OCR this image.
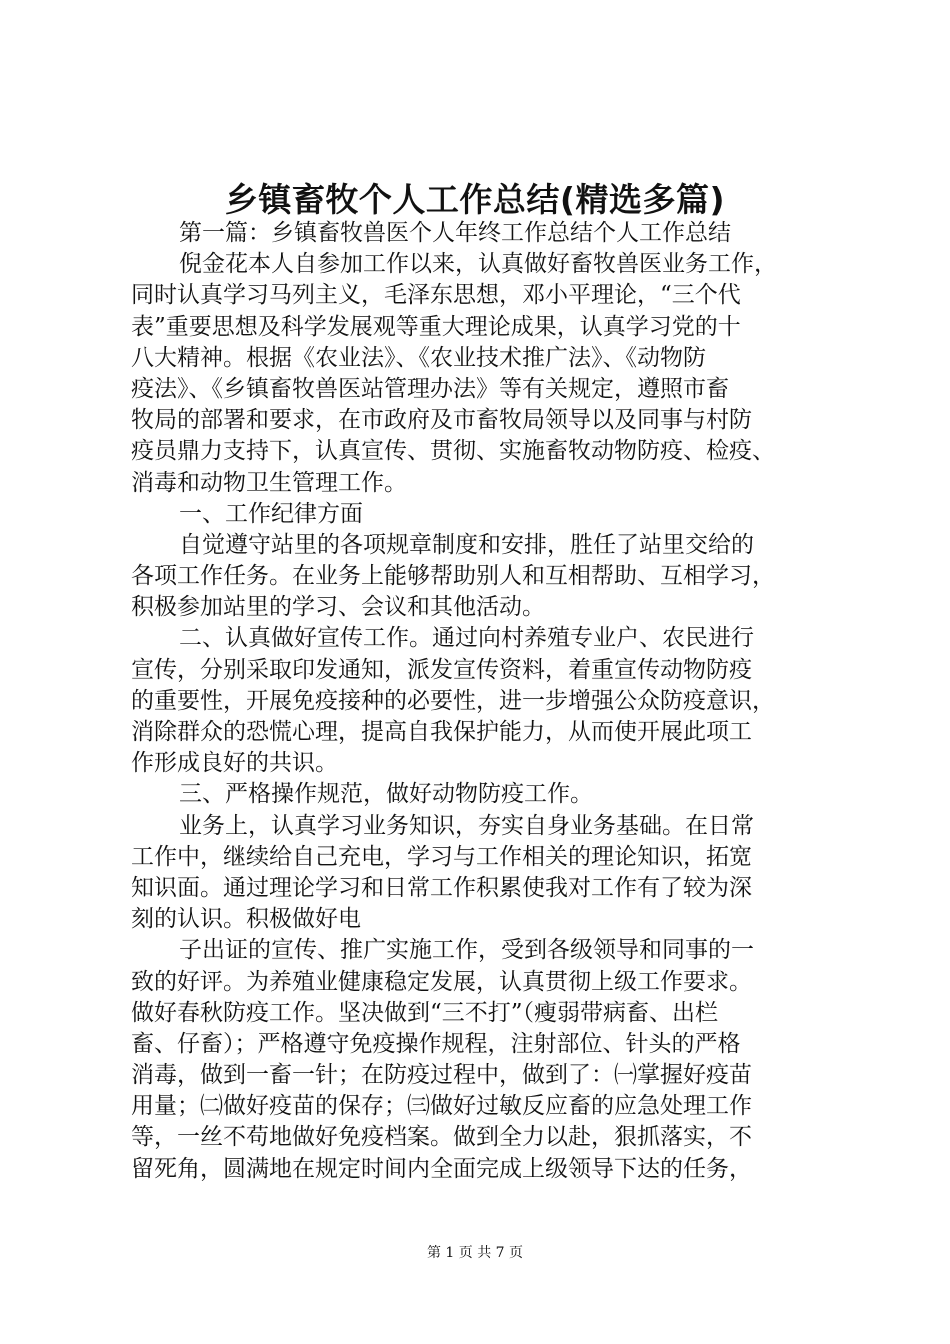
乡镇畜牧个人工作总结(精选多篇)
第一篇：乡镇畜牧兽医个人年终工作总结个人工作总结
倪金花本人自参加工作以来，认真做好畜牧兽医业务工作，
同时认真学习马列主义，毛泽东思想，邓小平理论，“三个代
表”重要思想及科学发展观等重大理论成果，认真学习党的十
八大精神。根据《农业法》、《农业技术推广法》、《动物防
疫法》、《乡镇畜牧兽医站管理办法》等有关规定，遵照市畜
牧局的部署和要求，在市政府及市畜牧局领导以及同事与村防
疫员鼎力支持下，认真宣传、贯彻、实施畜牧动物防疫、检疫、
消毒和动物卫生管理工作。
一、工作纪律方面
自觉遵守站里的各项规章制度和安排，胜任了站里交给的
各项工作任务。在业务上能够帮助别人和互相帮助、互相学习，
积极参加站里的学习、会议和其他活动。
二、认真做好宣传工作。通过向村养殖专业户、农民进行
宣传，分别采取印发通知，派发宣传资料，着重宣传动物防疫
的重要性，开展免疫接种的必要性，进一步增强公众防疫意识，
消除群众的恐慌心理，提高自我保护能力，从而使开展此项工
作形成良好的共识。
三、严格操作规范，做好动物防疫工作。
业务上，认真学习业务知识，夯实自身业务基础。在日常
工作中，继续给自己充电，学习与工作相关的理论知识，拓宽
知识面。通过理论学习和日常工作积累使我对工作有了较为深
刻的认识。积极做好电
子出证的宣传、推广实施工作，受到各级领导和同事的一
致的好评。为养殖业健康稳定发展，认真贯彻上级工作要求。
做好春秋防疫工作。坚决做到“三不打”（瘦弱带病畜、出栏
畜、仔畜）；严格遵守免疫操作规程，注射部位、针头的严格
消毒，做到一畜一针；在防疫过程中，做到了：㈠掌握好疫苗
用量；㈡做好疫苗的保存；㈢做好过敏反应畜的应急处理工作
等，一丝不苟地做好免疫档案。做到全力以赴，狠抓落实，不
留死角，圆满地在规定时间内全面完成上级领导下达的任务，
第 1 页 共 7 页
